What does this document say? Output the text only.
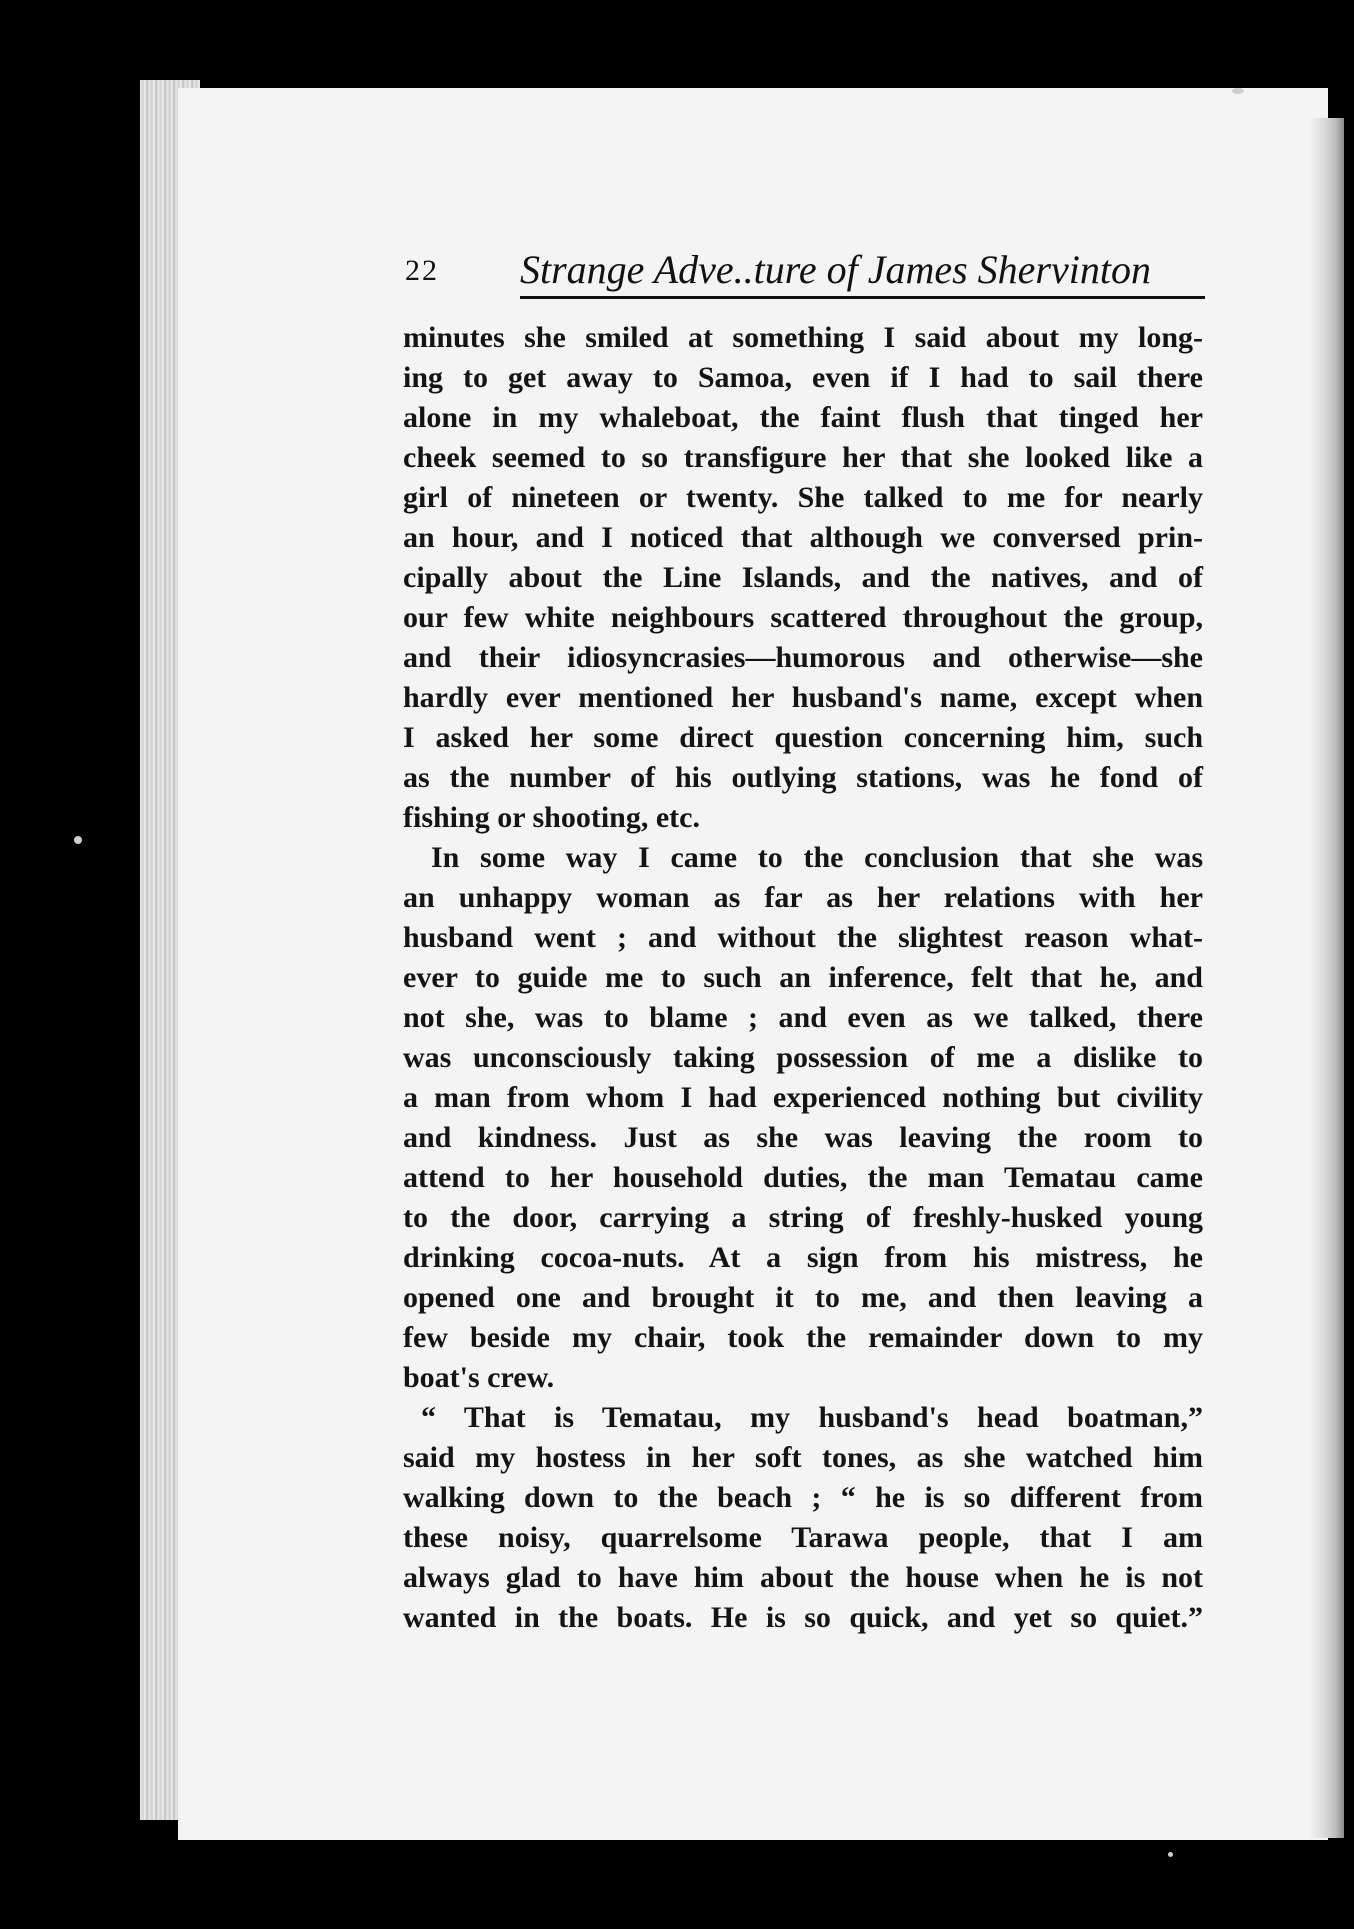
22 Strange Adve..ture of James Shervinton
minutes she smiled at something I said about my long-
ing to get away to Samoa, even if I had to sail there
alone in my whaleboat, the faint flush that tinged her
cheek seemed to so transfigure her that she looked like a
girl of nineteen or twenty. She talked to me for nearly
an hour, and I noticed that although we conversed prin-
cipally about the Line Islands, and the natives, and of
our few white neighbours scattered throughout the group,
and their idiosyncrasies—humorous and otherwise—she
hardly ever mentioned her husband's name, except when
I asked her some direct question concerning him, such
as the number of his outlying stations, was he fond of
fishing or shooting, etc.
In some way I came to the conclusion that she was
an unhappy woman as far as her relations with her
husband went ; and without the slightest reason what-
ever to guide me to such an inference, felt that he, and
not she, was to blame ; and even as we talked, there
was unconsciously taking possession of me a dislike to
a man from whom I had experienced nothing but civility
and kindness. Just as she was leaving the room to
attend to her household duties, the man Tematau came
to the door, carrying a string of freshly-husked young
drinking cocoa-nuts. At a sign from his mistress, he
opened one and brought it to me, and then leaving a
few beside my chair, took the remainder down to my
boat's crew.
“ That is Tematau, my husband's head boatman,”
said my hostess in her soft tones, as she watched him
walking down to the beach ; “ he is so different from
these noisy, quarrelsome Tarawa people, that I am
always glad to have him about the house when he is not
wanted in the boats. He is so quick, and yet so quiet.”
